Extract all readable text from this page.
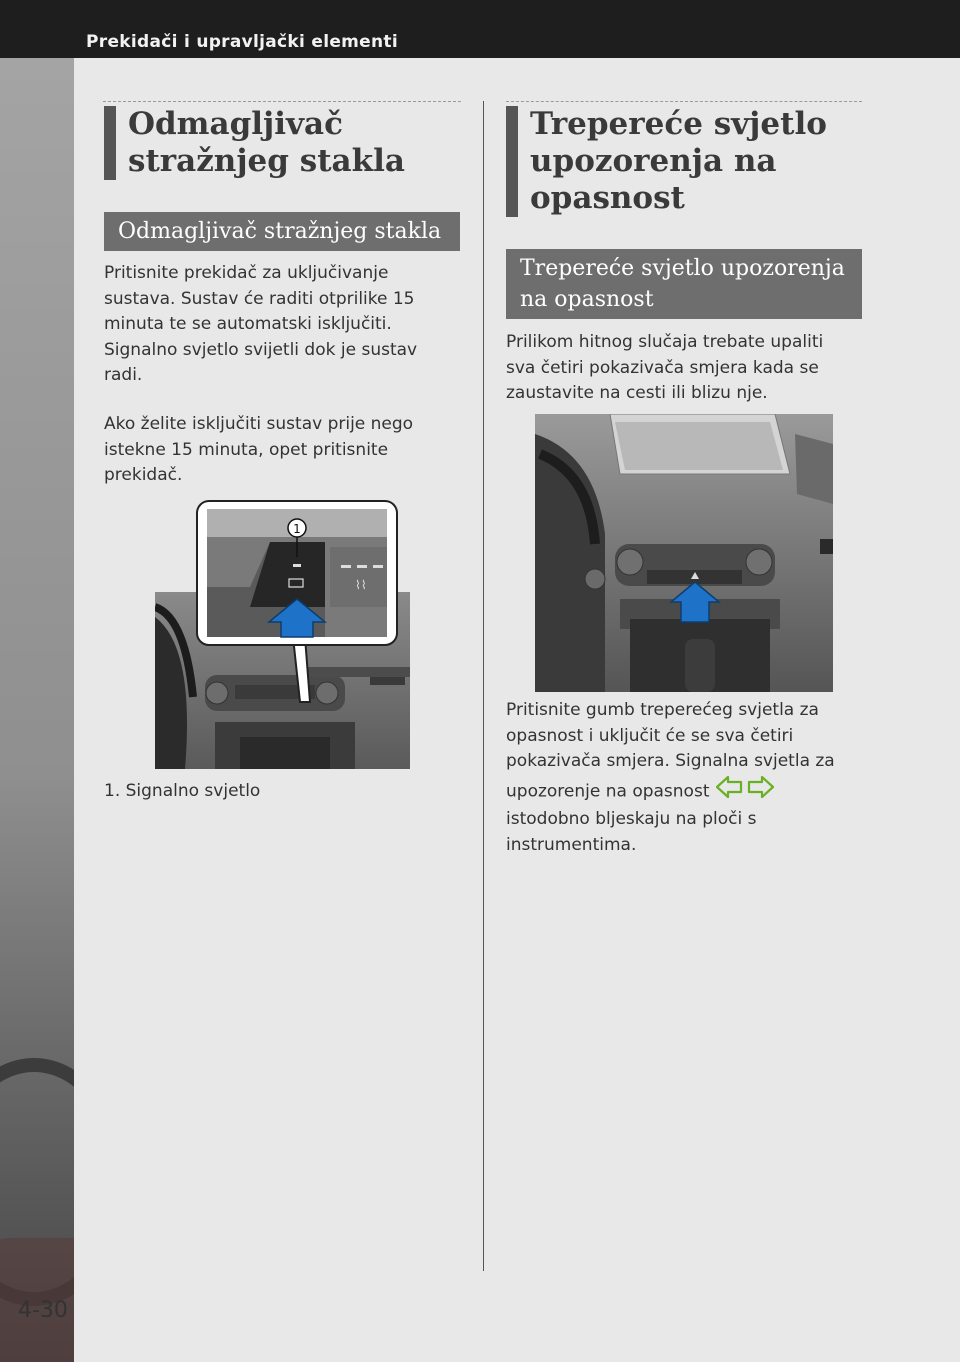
Prekidači i upravljački elementi
4-30
Odmagljivač stražnjeg stakla
Odmagljivač stražnjeg stakla
Pritisnite prekidač za uključivanje sustava. Sustav će raditi otprilike 15 minuta te se automatski isključiti. Signalno svjetlo svijetli dok je sustav radi.
Ako želite isključiti sustav prije nego istekne 15 minuta, opet pritisnite prekidač.
⌇⌇
1
1. Signalno svjetlo
Trepereće svjetlo upozorenja na opasnost
Trepereće svjetlo upozorenja na opasnost
Prilikom hitnog slučaja trebate upaliti sva četiri pokazivača smjera kada se zaustavite na cesti ili blizu nje.
Pritisnite gumb treperećeg svjetla za opasnost i uključit će se sva četiri pokazivača smjera. Signalna svjetla za upozorenje na opasnost  istodobno bljeskaju na ploči s instrumentima.
